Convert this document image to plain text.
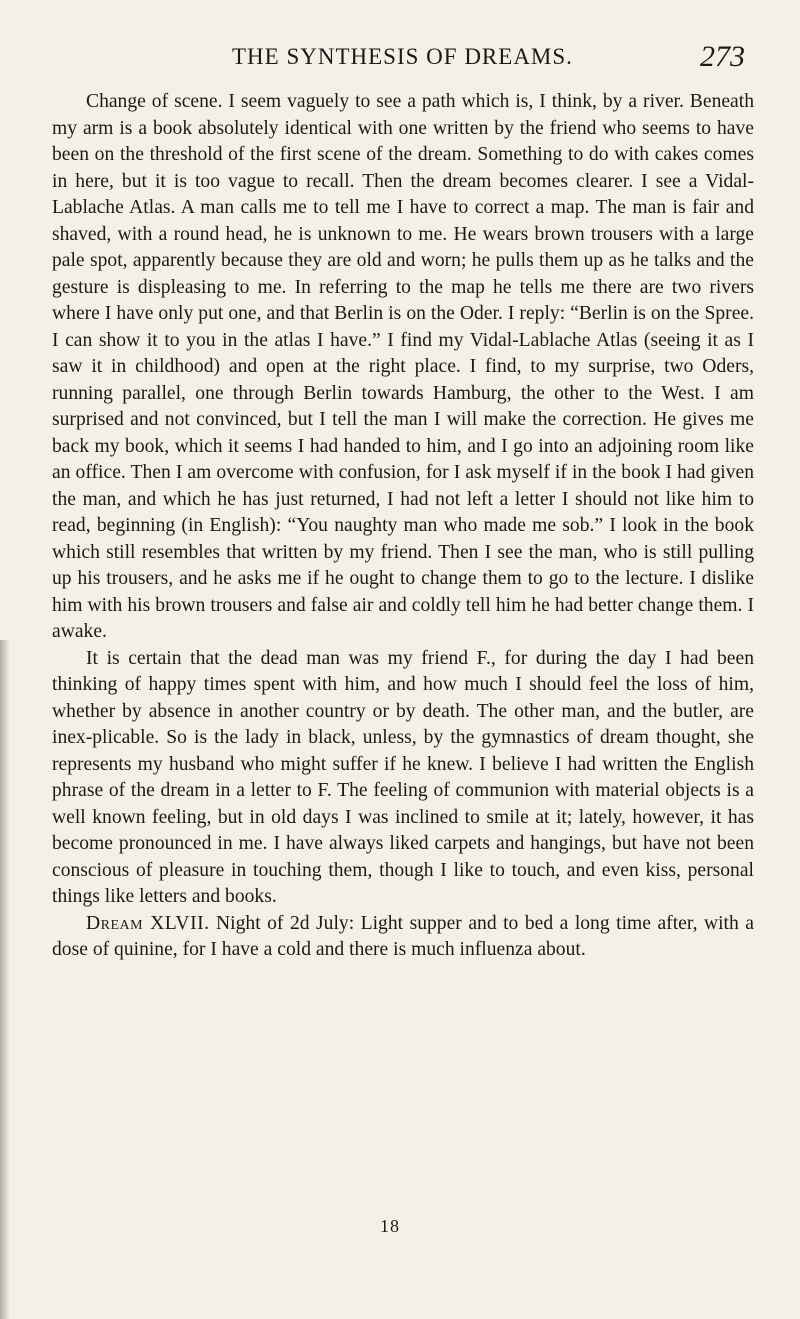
THE SYNTHESIS OF DREAMS.	273

Change of scene. I seem vaguely to see a path which is, I think, by a river. Beneath my arm is a book absolutely identical with one written by the friend who seems to have been on the threshold of the first scene of the dream. Something to do with cakes comes in here, but it is too vague to recall. Then the dream becomes clearer. I see a Vidal-Lablache Atlas. A man calls me to tell me I have to correct a map. The man is fair and shaved, with a round head, he is unknown to me. He wears brown trousers with a large pale spot, apparently because they are old and worn; he pulls them up as he talks and the gesture is displeasing to me. In referring to the map he tells me there are two rivers where I have only put one, and that Berlin is on the Oder. I reply: “Berlin is on the Spree. I can show it to you in the atlas I have.” I find my Vidal-Lablache Atlas (seeing it as I saw it in childhood) and open at the right place. I find, to my surprise, two Oders, running parallel, one through Berlin towards Hamburg, the other to the West. I am surprised and not convinced, but I tell the man I will make the correction. He gives me back my book, which it seems I had handed to him, and I go into an adjoining room like an office. Then I am overcome with confusion, for I ask myself if in the book I had given the man, and which he has just returned, I had not left a letter I should not like him to read, beginning (in English): “You naughty man who made me sob.” I look in the book which still resembles that written by my friend. Then I see the man, who is still pulling up his trousers, and he asks me if he ought to change them to go to the lecture. I dislike him with his brown trousers and false air and coldly tell him he had better change them. I awake.

It is certain that the dead man was my friend F., for during the day I had been thinking of happy times spent with him, and how much I should feel the loss of him, whether by absence in another country or by death. The other man, and the butler, are inex-plicable. So is the lady in black, unless, by the gymnastics of dream thought, she represents my husband who might suffer if he knew. I believe I had written the English phrase of the dream in a letter to F. The feeling of communion with material objects is a well known feeling, but in old days I was inclined to smile at it; lately, however, it has become pronounced in me. I have always liked carpets and hangings, but have not been conscious of pleasure in touching them, though I like to touch, and even kiss, personal things like letters and books.

Dream XLVII. Night of 2d July: Light supper and to bed a long time after, with a dose of quinine, for I have a cold and there is much influenza about.

18
